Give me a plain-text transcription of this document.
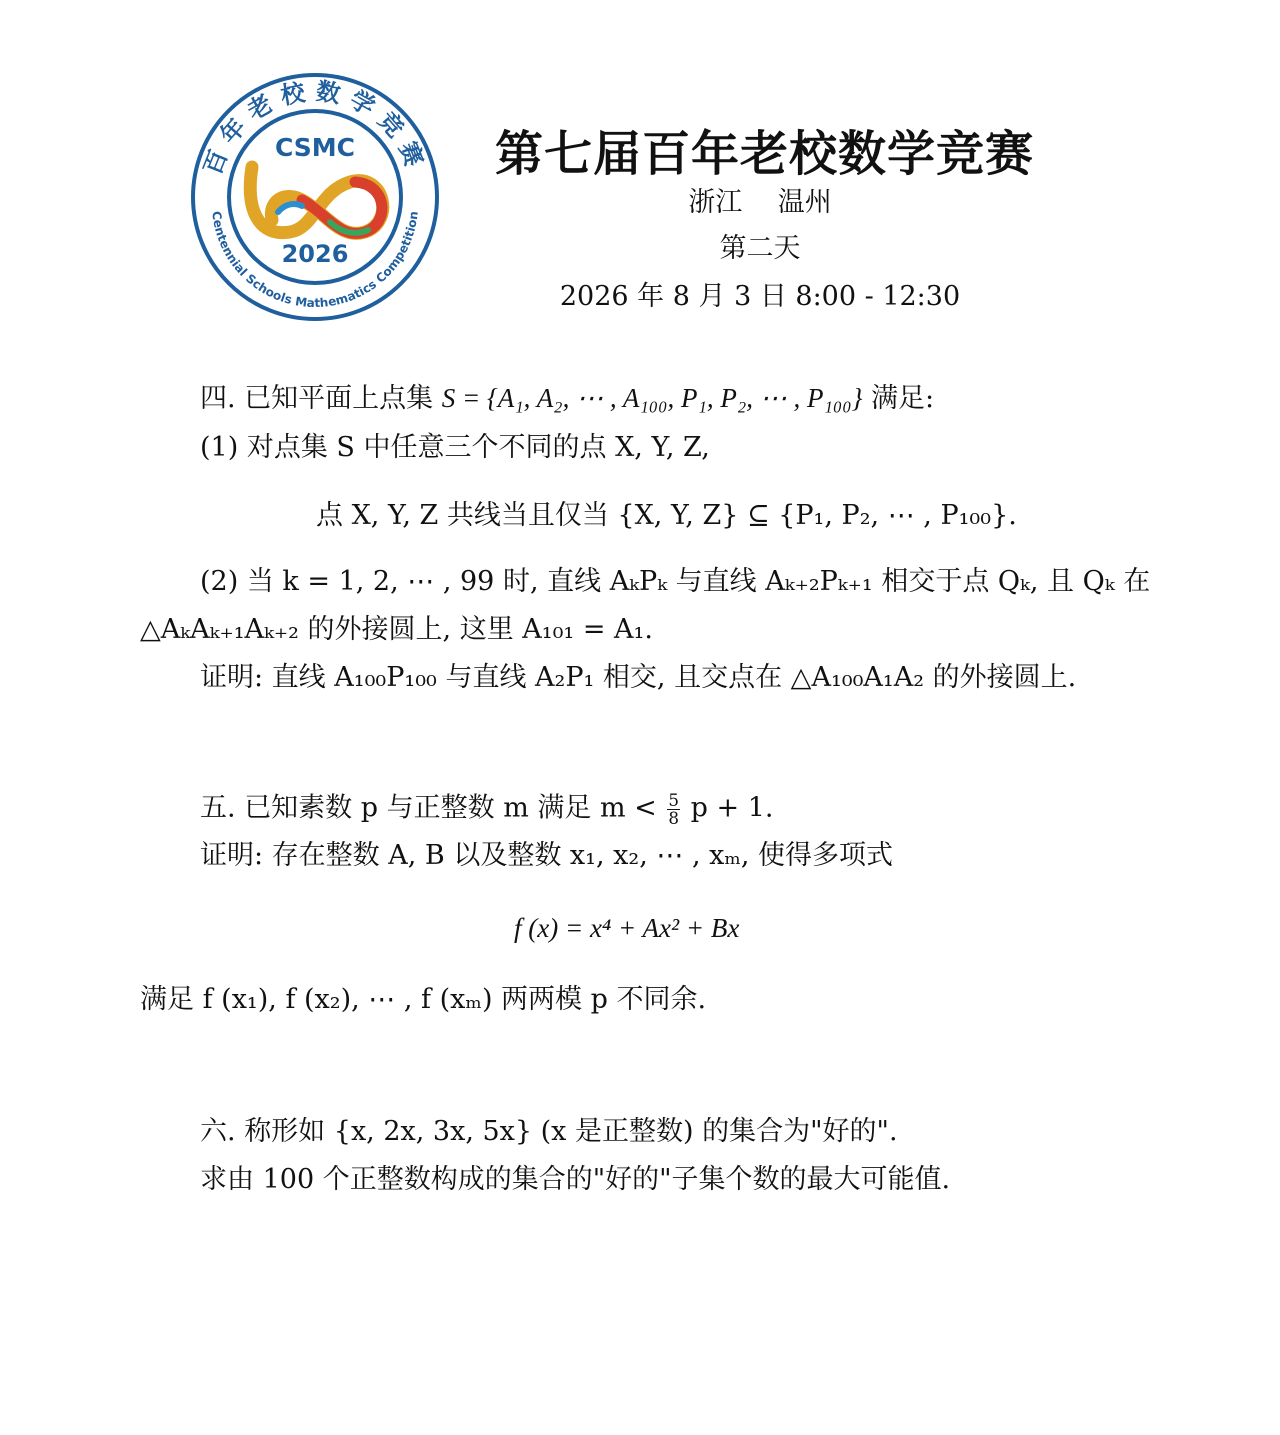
百年老校数学竞赛
Centennial Schools Mathematics Competition
CSMC
2026
第七届百年老校数学竞赛
浙江　 温州
第二天
2026 年 8 月 3 日 8:00 - 12:30
四. 已知平面上点集 S = {A₁, A₂, ⋯ , A₁₀₀, P₁, P₂, ⋯ , P₁₀₀} 满足:
(1) 对点集 S 中任意三个不同的点 X, Y, Z,
点 X, Y, Z 共线当且仅当 {X, Y, Z} ⊆ {P₁, P₂, ⋯ , P₁₀₀}.
(2) 当 k = 1, 2, ⋯ , 99 时, 直线 AₖPₖ 与直线 Aₖ₊₂Pₖ₊₁ 相交于点 Qₖ, 且 Qₖ 在
△AₖAₖ₊₁Aₖ₊₂ 的外接圆上, 这里 A₁₀₁ = A₁.
证明: 直线 A₁₀₀P₁₀₀ 与直线 A₂P₁ 相交, 且交点在 △A₁₀₀A₁A₂ 的外接圆上.
五. 已知素数 p 与正整数 m 满足 $m < \frac{5}{8}$ p + 1.
证明: 存在整数 A, B 以及整数 x₁, x₂, ⋯ , xₘ, 使得多项式
f (x) = x⁴ + Ax² + Bx
满足 f (x₁), f (x₂), ⋯ , f (xₘ) 两两模 p 不同余.
六. 称形如 {x, 2x, 3x, 5x} (x 是正整数) 的集合为"好的".
求由 100 个正整数构成的集合的"好的"子集个数的最大可能值.
